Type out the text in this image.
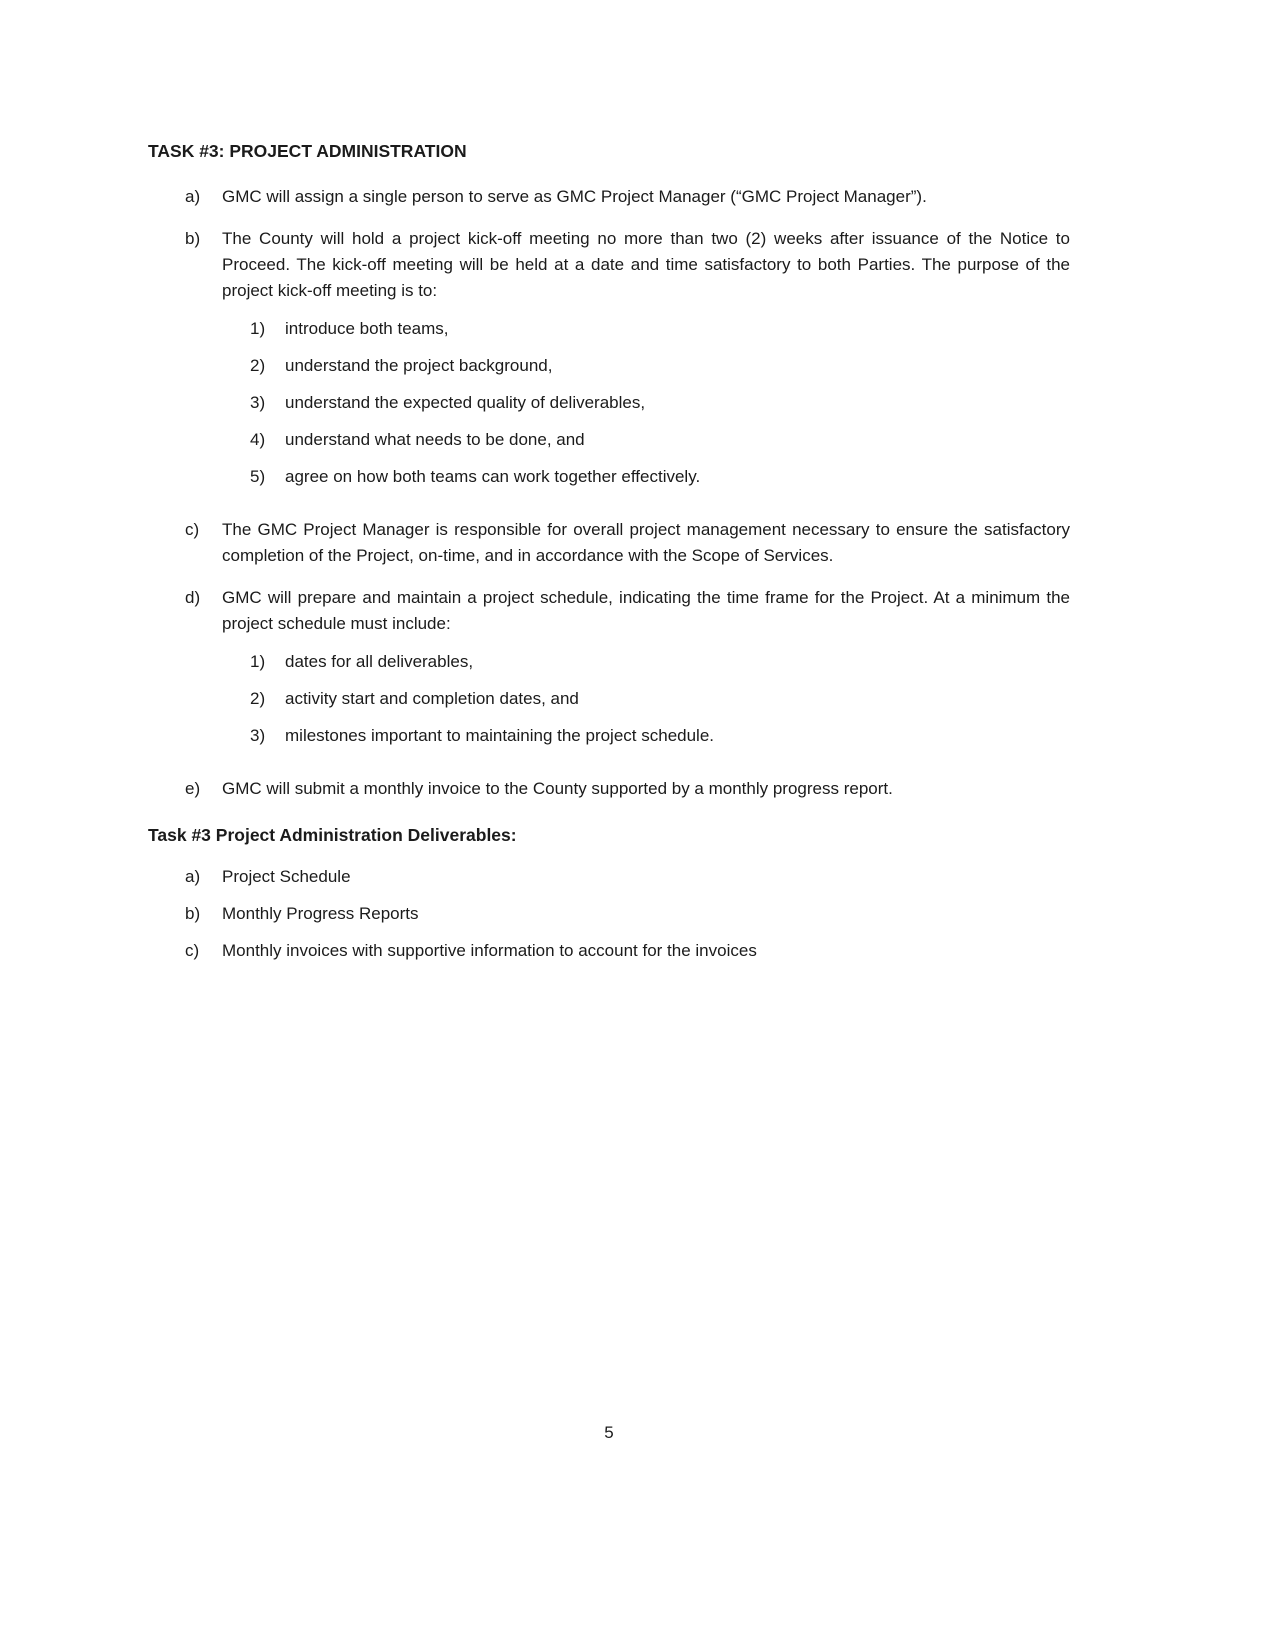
TASK #3: PROJECT ADMINISTRATION
a)	GMC will assign a single person to serve as GMC Project Manager (“GMC Project Manager”).
b)	The County will hold a project kick-off meeting no more than two (2) weeks after issuance of the Notice to Proceed. The kick-off meeting will be held at a date and time satisfactory to both Parties. The purpose of the project kick-off meeting is to:
1)	introduce both teams,
2)	understand the project background,
3)	understand the expected quality of deliverables,
4)	understand what needs to be done, and
5)	agree on how both teams can work together effectively.
c)	The GMC Project Manager is responsible for overall project management necessary to ensure the satisfactory completion of the Project, on-time, and in accordance with the Scope of Services.
d)	GMC will prepare and maintain a project schedule, indicating the time frame for the Project. At a minimum the project schedule must include:
1)	dates for all deliverables,
2)	activity start and completion dates, and
3)	milestones important to maintaining the project schedule.
e)	GMC will submit a monthly invoice to the County supported by a monthly progress report.
Task #3 Project Administration Deliverables:
a)	Project Schedule
b)	Monthly Progress Reports
c)	Monthly invoices with supportive information to account for the invoices
5
